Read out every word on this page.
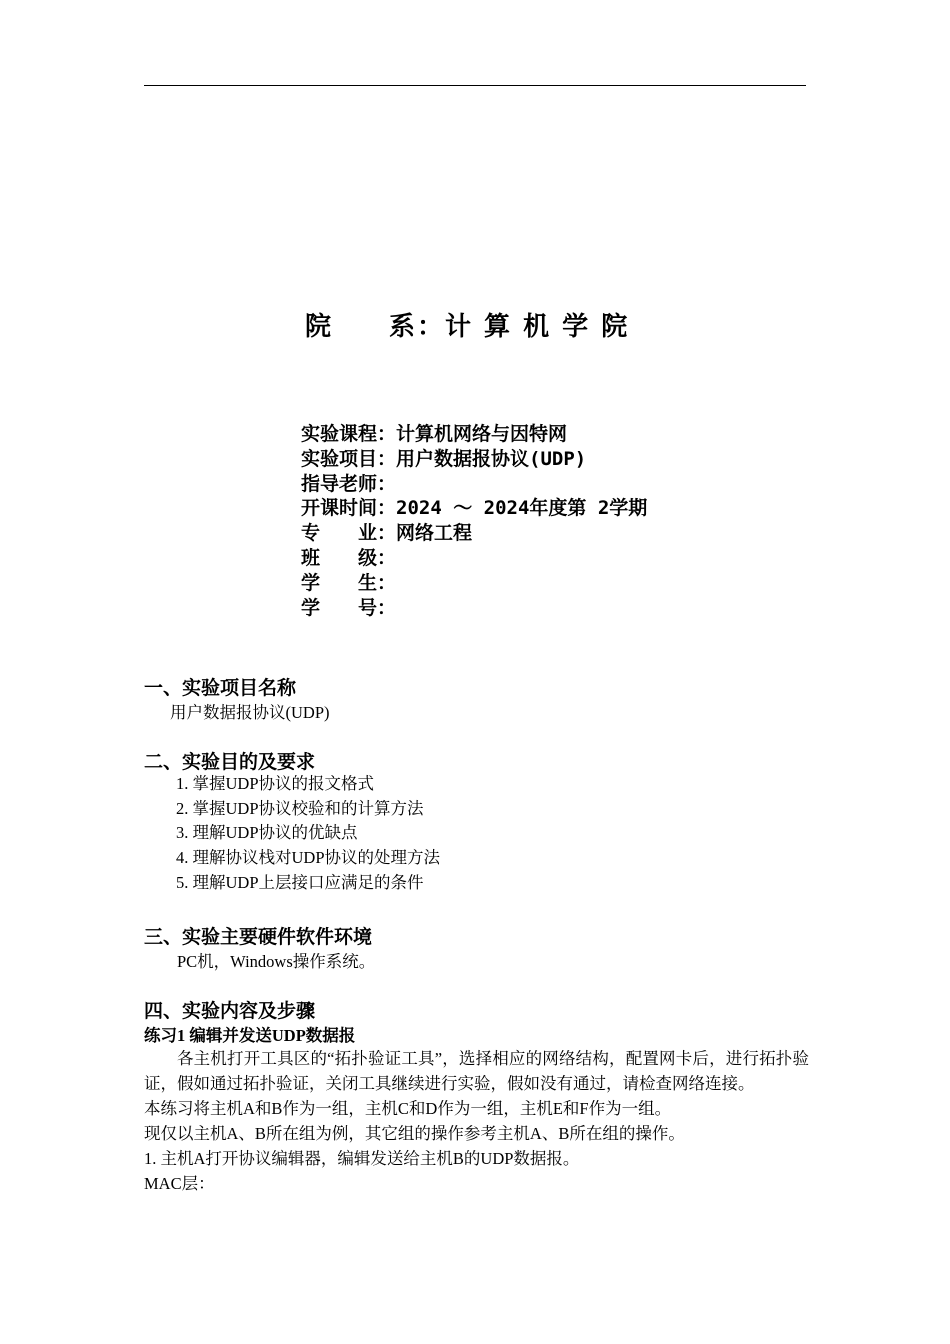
院　　系：计 算 机 学 院
实验课程：计算机网络与因特网
实验项目：用户数据报协议(UDP)
指导老师：
开课时间：2024 ～ 2024年度第 2学期
专　　业：网络工程
班　　级：
学　　生：
学　　号：
一、实验项目名称
用户数据报协议(UDP)
二、实验目的及要求
1. 掌握UDP协议的报文格式
2. 掌握UDP协议校验和的计算方法
3. 理解UDP协议的优缺点
4. 理解协议栈对UDP协议的处理方法
5. 理解UDP上层接口应满足的条件
三、实验主要硬件软件环境
PC机，Windows操作系统。
四、实验内容及步骤
练习1 编辑并发送UDP数据报
各主机打开工具区的“拓扑验证工具”，选择相应的网络结构，配置网卡后，进行拓扑验证，假如通过拓扑验证，关闭工具继续进行实验，假如没有通过，请检查网络连接。
本练习将主机A和B作为一组，主机C和D作为一组，主机E和F作为一组。
现仅以主机A、B所在组为例，其它组的操作参考主机A、B所在组的操作。
1. 主机A打开协议编辑器，编辑发送给主机B的UDP数据报。
MAC层：
